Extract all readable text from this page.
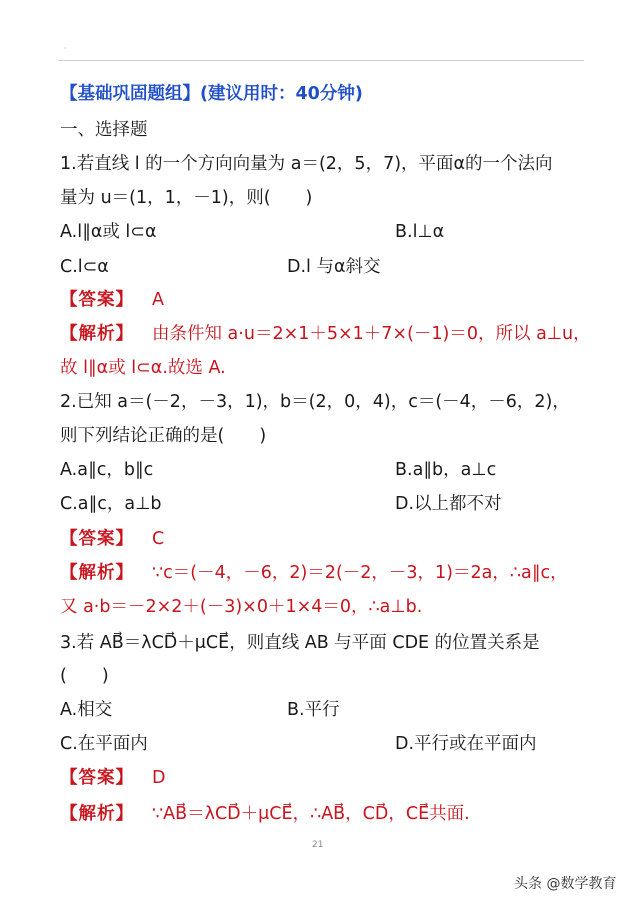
·
【基础巩固题组】(建议用时：40分钟)
一、选择题
1.若直线 l 的一个方向向量为 a＝(2，5，7)，平面α的一个法向
量为 u＝(1，1，－1)，则(　　)
A.l∥α或 l⊂α	B.l⊥α
C.l⊂α	D.l 与α斜交
【答案】 A
【解析】 由条件知 a·u＝2×1＋5×1＋7×(－1)＝0，所以 a⊥u，
故 l∥α或 l⊂α.故选 A.
2.已知 a＝(－2，－3，1)，b＝(2，0，4)，c＝(－4，－6，2)，
则下列结论正确的是(　　)
A.a∥c，b∥c	B.a∥b，a⊥c
C.a∥c，a⊥b	D.以上都不对
【答案】 C
【解析】 ∵c＝(－4，－6，2)＝2(－2，－3，1)＝2a，∴a∥c，
又 a·b＝－2×2＋(－3)×0＋1×4＝0，∴a⊥b.
3.若 AB⃗＝λCD⃗＋μCE⃗，则直线 AB 与平面 CDE 的位置关系是
(　　)
A.相交	B.平行
C.在平面内	D.平行或在平面内
【答案】 D
【解析】 ∵AB⃗＝λCD⃗＋μCE⃗，∴AB⃗，CD⃗，CE⃗共面.
21
头条 @数学教育
